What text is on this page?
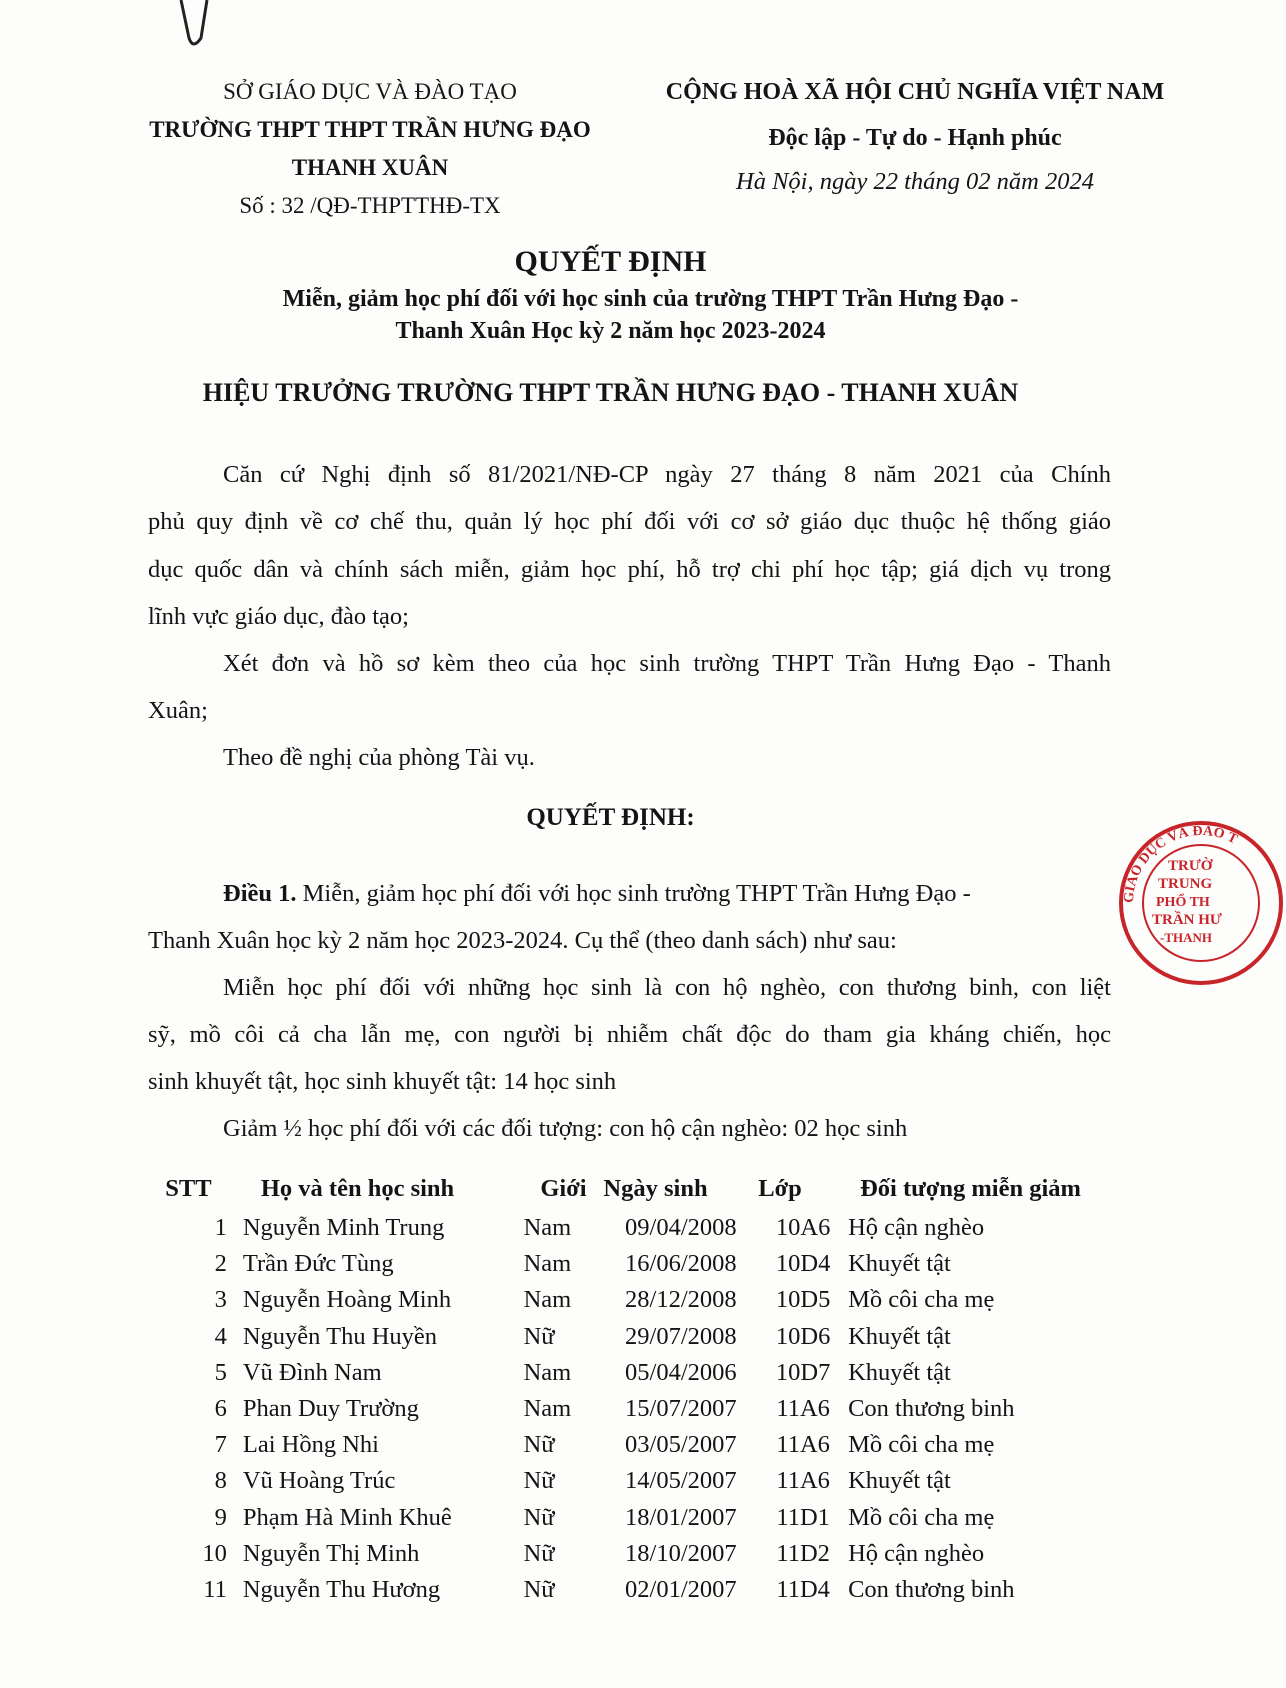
SỞ GIÁO DỤC VÀ ĐÀO TẠO
TRƯỜNG THPT THPT TRẦN HƯNG ĐẠO
THANH XUÂN
Số : 32 /QĐ-THPTTHĐ-TX
CỘNG HOÀ XÃ HỘI CHỦ NGHĨA VIỆT NAM
Độc lập - Tự do - Hạnh phúc
Hà Nội, ngày 22 tháng 02 năm 2024
QUYẾT ĐỊNH
Miễn, giảm học phí đối với học sinh của trường THPT Trần Hưng Đạo -
Thanh Xuân Học kỳ 2 năm học 2023-2024
HIỆU TRƯỞNG TRƯỜNG THPT TRẦN HƯNG ĐẠO - THANH XUÂN
Căn cứ Nghị định số 81/2021/NĐ-CP ngày 27 tháng 8 năm 2021 của Chính
phủ quy định về cơ chế thu, quản lý học phí đối với cơ sở giáo dục thuộc hệ thống giáo
dục quốc dân và chính sách miễn, giảm học phí, hỗ trợ chi phí học tập; giá dịch vụ trong
lĩnh vực giáo dục, đào tạo;
Xét đơn và hồ sơ kèm theo của học sinh trường THPT Trần Hưng Đạo - Thanh
Xuân;
Theo đề nghị của phòng Tài vụ.
QUYẾT ĐỊNH:
Điều 1. Miễn, giảm học phí đối với học sinh trường THPT Trần Hưng Đạo -
Thanh Xuân học kỳ 2 năm học 2023-2024. Cụ thể (theo danh sách) như sau:
Miễn học phí đối với những học sinh là con hộ nghèo, con thương binh, con liệt
sỹ, mồ côi cả cha lẫn mẹ, con người bị nhiễm chất độc do tham gia kháng chiến, học
sinh khuyết tật, học sinh khuyết tật: 14 học sinh
Giảm ½ học phí đối với các đối tượng: con hộ cận nghèo: 02 học sinh
STT	Họ và tên học sinh	Giới	Ngày sinh	Lớp	Đối tượng miễn giảm
1	Nguyễn Minh Trung	Nam	09/04/2008	10A6	Hộ cận nghèo
2	Trần Đức Tùng	Nam	16/06/2008	10D4	Khuyết tật
3	Nguyễn Hoàng Minh	Nam	28/12/2008	10D5	Mồ côi cha mẹ
4	Nguyễn Thu Huyền	Nữ	29/07/2008	10D6	Khuyết tật
5	Vũ Đình Nam	Nam	05/04/2006	10D7	Khuyết tật
6	Phan Duy Trường	Nam	15/07/2007	11A6	Con thương binh
7	Lai Hồng Nhi	Nữ	03/05/2007	11A6	Mồ côi cha mẹ
8	Vũ Hoàng Trúc	Nữ	14/05/2007	11A6	Khuyết tật
9	Phạm Hà Minh Khuê	Nữ	18/01/2007	11D1	Mồ côi cha mẹ
10	Nguyễn Thị Minh	Nữ	18/10/2007	11D2	Hộ cận nghèo
11	Nguyễn Thu Hương	Nữ	02/01/2007	11D4	Con thương binh
GIÁO DỤC VÀ ĐÀO T
TRƯỜ
TRUNG
PHỔ TH
TRẦN HƯ
-THANH
